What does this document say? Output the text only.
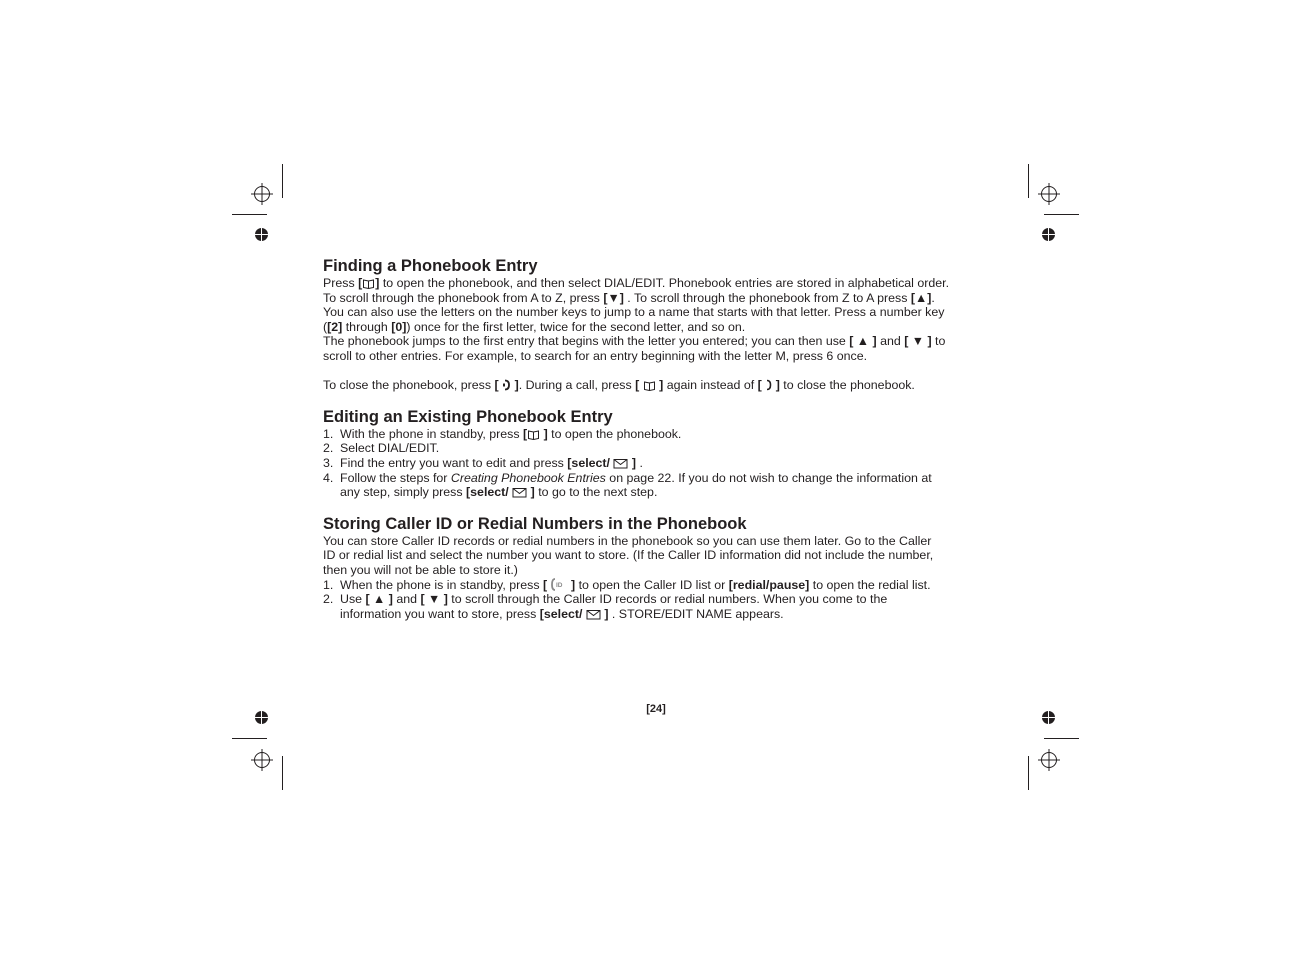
Finding a Phonebook Entry

Press [ ] to open the phonebook, and then select DIAL/EDIT. Phonebook entries are stored in alphabetical order.

To scroll through the phonebook from A to Z, press [▼] . To scroll through the phonebook from Z to A press [▲].

You can also use the letters on the number keys to jump to a name that starts with that letter. Press a number key

([2] through [0]) once for the first letter, twice for the second letter, and so on.

The phonebook jumps to the first entry that begins with the letter you entered; you can then use [ ▲ ] and [ ▼ ] to

scroll to other entries. For example, to search for an entry beginning with the letter M, press 6 once.

To close the phonebook, press [ ]. During a call, press [ ] again instead of [ ] to close the phonebook.

Editing an Existing Phonebook Entry
1. With the phone in standby, press [ ] to open the phonebook.
2. Select DIAL/EDIT.
3. Find the entry you want to edit and press [select/ ] .
4. Follow the steps for Creating Phonebook Entries on page 22. If you do not wish to change the information at
any step, simply press [select/ ] to go to the next step.
Storing Caller ID or Redial Numbers in the Phonebook

You can store Caller ID records or redial numbers in the phonebook so you can use them later. Go to the Caller

ID or redial list and select the number you want to store. (If the Caller ID information did not include the number,

then you will not be able to store it.)

1. When the phone is in standby, press [ ID ] to open the Caller ID list or [redial/pause] to open the redial list.
2. Use [ ▲ ] and [ ▼ ] to scroll through the Caller ID records or redial numbers. When you come to the
information you want to store, press [select/ ] . STORE/EDIT NAME appears.
[24]
